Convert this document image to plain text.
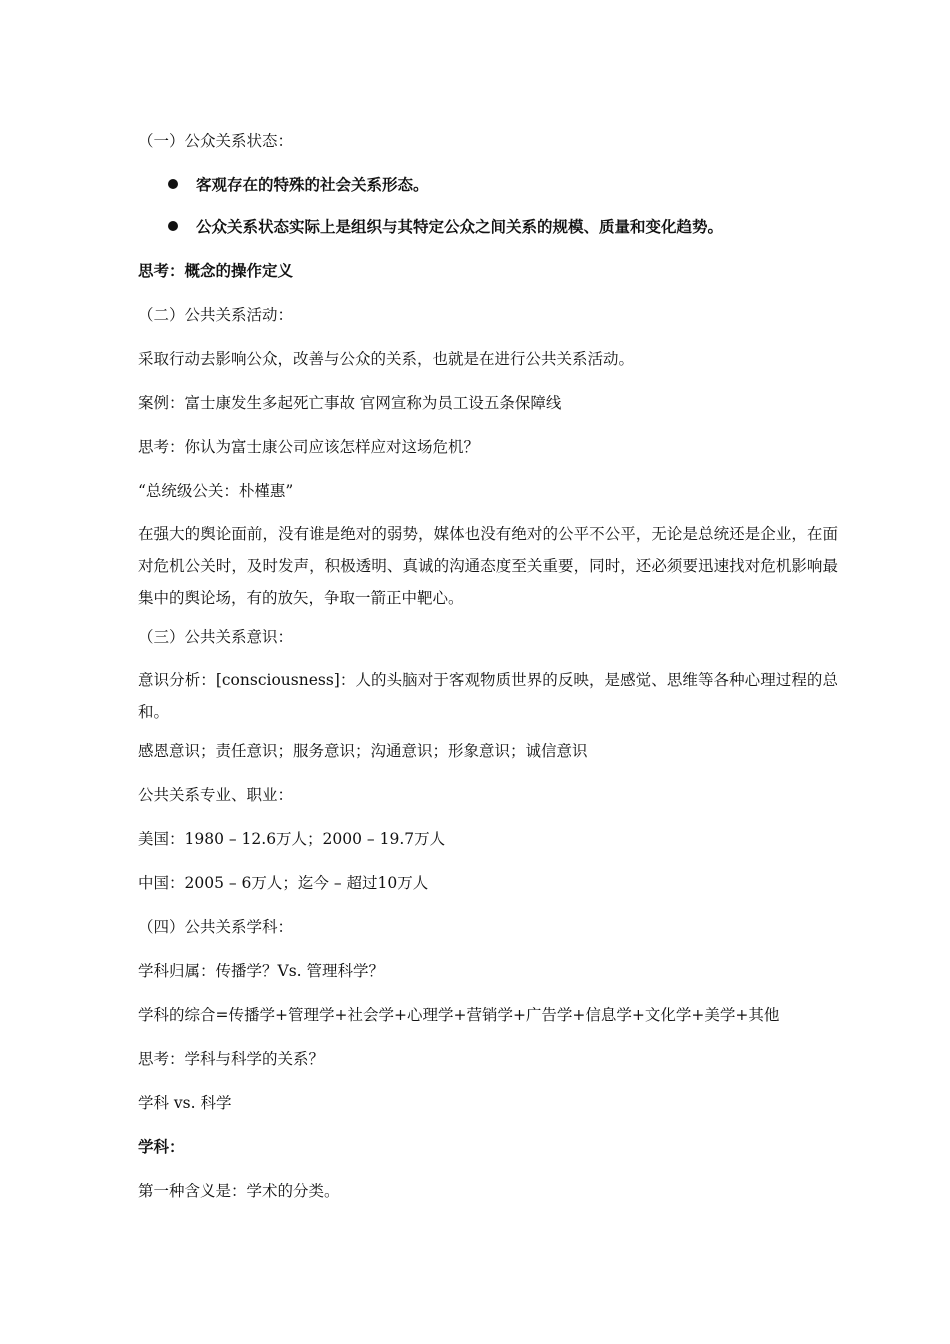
（一）公众关系状态：
客观存在的特殊的社会关系形态。
公众关系状态实际上是组织与其特定公众之间关系的规模、质量和变化趋势。
思考：概念的操作定义
（二）公共关系活动：
采取行动去影响公众，改善与公众的关系，也就是在进行公共关系活动。
案例：富士康发生多起死亡事故 官网宣称为员工设五条保障线
思考：你认为富士康公司应该怎样应对这场危机？
“总统级公关：朴槿惠”
在强大的舆论面前，没有谁是绝对的弱势，媒体也没有绝对的公平不公平，无论是总统还是企业，在面对危机公关时，及时发声，积极透明、真诚的沟通态度至关重要，同时，还必须要迅速找对危机影响最集中的舆论场，有的放矢，争取一箭正中靶心。
（三）公共关系意识：
意识分析：[consciousness]：人的头脑对于客观物质世界的反映，是感觉、思维等各种心理过程的总和。
感恩意识；责任意识；服务意识；沟通意识；形象意识；诚信意识
公共关系专业、职业：
美国：1980 – 12.6万人；2000 – 19.7万人
中国：2005 – 6万人；迄今 – 超过10万人
（四）公共关系学科：
学科归属：传播学？Vs. 管理科学？
学科的综合=传播学+管理学+社会学+心理学+营销学+广告学+信息学+文化学+美学+其他
思考：学科与科学的关系？
学科 vs. 科学
学科：
第一种含义是：学术的分类。
